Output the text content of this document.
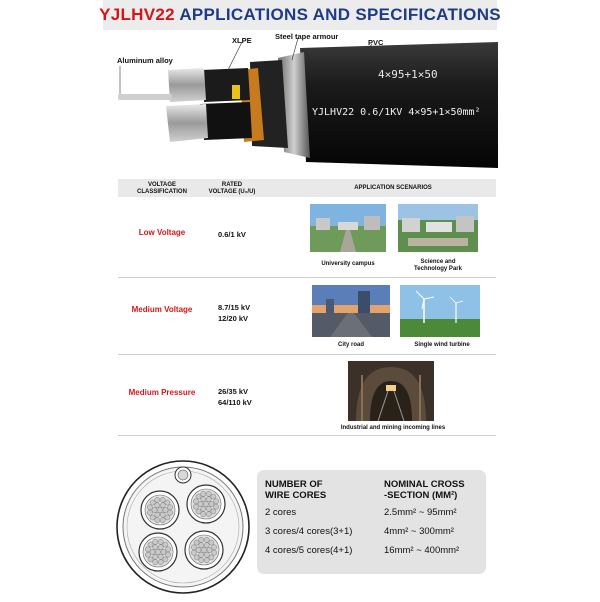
YJLHV22 APPLICATIONS AND SPECIFICATIONS
4×95+1×50
YJLHV22 0.6/1KV 4×95+1×50mm²
Aluminum alloy
XLPE	Steel tape armour
PVC
VOLTAGE
CLASSIFICATION
RATED
VOLTAGE (U₀/U)
APPLICATION SCENARIOS
Low Voltage	0.6/1 kV
University campus	Science and
Technology Park
Medium Voltage	8.7/15 kV
12/20 kV
City road	Single wind turbine
Medium Pressure	26/35 kV
64/110 kV
Industrial and mining incoming lines
NUMBER OF
WIRE CORES
NOMINAL CROSS
-SECTION (MM²)
2 cores	2.5mm² ~ 95mm²
3 cores/4 cores(3+1)	4mm² ~ 300mm²
4 cores/5 cores(4+1)	16mm² ~ 400mm²
